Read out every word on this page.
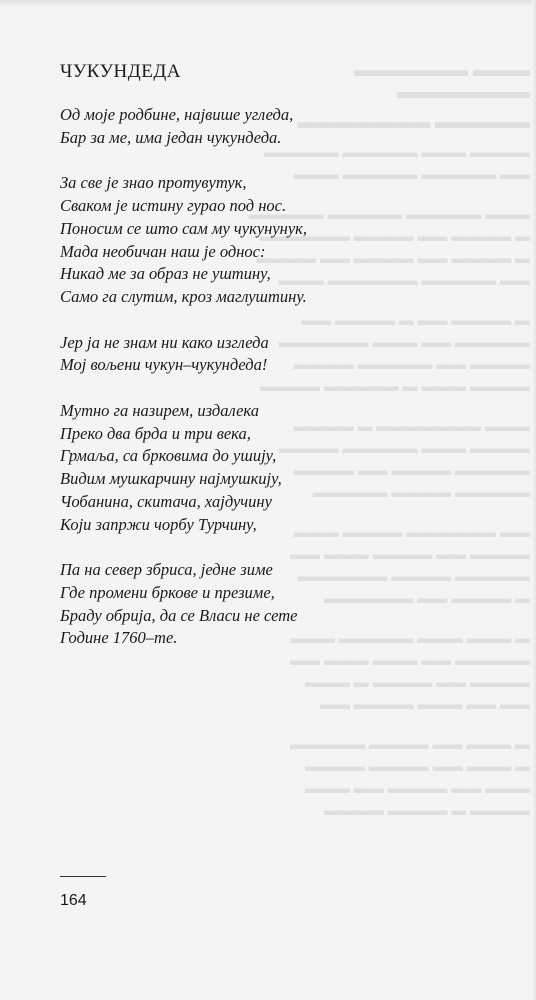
▬▬▬ ▬▬▬▬▬▬ ▬▬▬▬▬▬▬
▬▬▬▬▬ ▬▬▬▬▬▬▬
▬▬▬▬ ▬▬▬ ▬▬▬▬▬ ▬▬▬▬▬
▬▬ ▬▬▬▬▬ ▬▬▬▬▬ ▬▬▬
▬▬▬ ▬▬▬▬▬ ▬▬▬▬▬ ▬▬▬▬▬
▬ ▬▬▬▬ ▬▬ ▬▬▬▬ ▬▬▬▬▬▬
▬ ▬▬▬▬ ▬▬ ▬▬▬▬ ▬▬ ▬▬▬▬
▬▬ ▬▬▬▬▬ ▬▬▬▬▬▬ ▬▬▬
▬ ▬▬▬▬ ▬▬ ▬ ▬▬▬▬ ▬▬
▬▬▬▬▬ ▬▬ ▬▬▬ ▬▬▬▬▬▬
▬▬▬▬ ▬▬ ▬▬▬▬▬ ▬▬▬▬
▬▬▬▬ ▬▬▬ ▬ ▬▬▬▬▬ ▬▬▬▬
▬▬▬ ▬▬▬▬▬▬▬ ▬ ▬▬▬▬
▬▬▬▬ ▬▬▬ ▬▬▬▬▬ ▬▬▬▬
▬▬▬▬▬ ▬▬▬▬ ▬▬ ▬▬▬▬
▬▬▬▬▬ ▬▬▬▬ ▬▬▬▬▬
▬▬ ▬▬▬▬▬▬ ▬▬▬▬ ▬▬▬
▬▬▬▬ ▬▬ ▬▬▬▬ ▬▬▬ ▬▬
▬▬▬▬▬ ▬▬▬▬ ▬▬▬▬▬▬
▬ ▬▬▬▬ ▬▬ ▬▬▬▬▬▬
▬ ▬▬▬ ▬▬▬ ▬▬▬▬▬ ▬▬▬
▬▬▬▬▬ ▬▬ ▬▬▬ ▬▬▬ ▬▬
▬▬▬▬ ▬▬ ▬▬▬▬ ▬ ▬▬▬
▬▬ ▬▬ ▬▬▬ ▬▬▬▬ ▬▬
▬ ▬▬▬ ▬▬ ▬▬▬▬ ▬▬▬▬▬
▬ ▬▬▬ ▬▬ ▬▬▬▬ ▬▬▬▬
▬▬▬ ▬▬ ▬▬▬▬ ▬▬ ▬▬▬
▬▬▬▬ ▬ ▬▬▬▬ ▬▬▬▬
ЧУКУНДЕДА
Од моје родбине, највише угледа,
Бар за ме, има један чукундеда.
За све је знао протувутук,
Сваком је истину гурао под нос.
Поносим се што сам му чукунунук,
Мада необичан наш је однос:
Никад ме за образ не уштину,
Само га слутим, кроз маглуштину.
Јер ја не знам ни како изгледа
Мој вољени чукун–чукундеда!
Мутно га назирем, издалека
Преко два брда и три века,
Грмаља, са брковима до ушију,
Видим мушкарчину најмушкију,
Чобанина, скитача, хајдучину
Који запржи чорбу Турчину,
Па на север збриса, једне зиме
Где промени бркове и презиме,
Браду обрија, да се Власи не сете
Године 1760–те.
164
